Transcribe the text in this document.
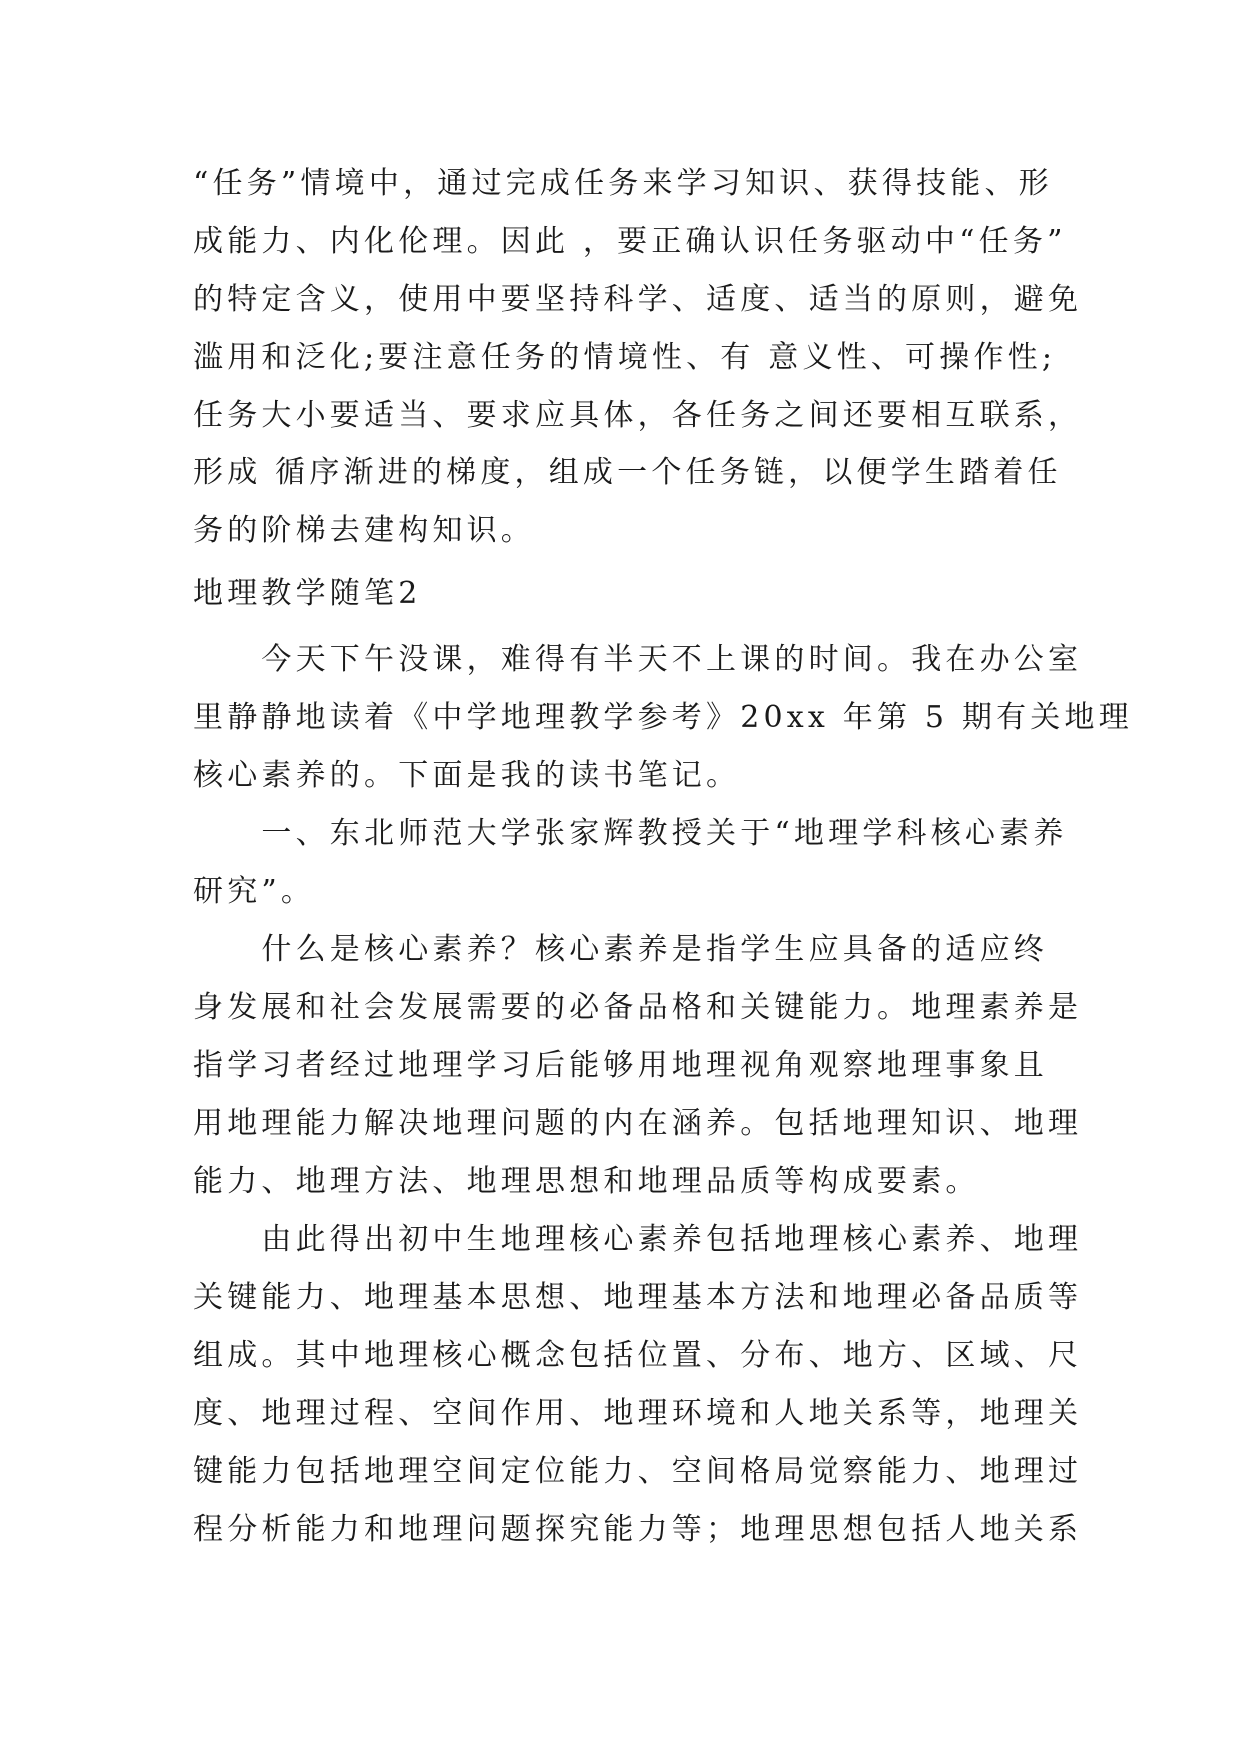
“任务”情境中，通过完成任务来学习知识、获得技能、形
成能力、内化伦理。因此 ，要正确认识任务驱动中“任务”
的特定含义，使用中要坚持科学、适度、适当的原则，避免
滥用和泛化;要注意任务的情境性、有 意义性、可操作性;
任务大小要适当、要求应具体，各任务之间还要相互联系，
形成 循序渐进的梯度，组成一个任务链，以便学生踏着任
务的阶梯去建构知识。
地理教学随笔2
　　今天下午没课，难得有半天不上课的时间。我在办公室
里静静地读着《中学地理教学参考》20xx 年第 5 期有关地理
核心素养的。下面是我的读书笔记。
　　一、东北师范大学张家辉教授关于“地理学科核心素养
研究”。
　　什么是核心素养？核心素养是指学生应具备的适应终
身发展和社会发展需要的必备品格和关键能力。地理素养是
指学习者经过地理学习后能够用地理视角观察地理事象且
用地理能力解决地理问题的内在涵养。包括地理知识、地理
能力、地理方法、地理思想和地理品质等构成要素。
　　由此得出初中生地理核心素养包括地理核心素养、地理
关键能力、地理基本思想、地理基本方法和地理必备品质等
组成。其中地理核心概念包括位置、分布、地方、区域、尺
度、地理过程、空间作用、地理环境和人地关系等，地理关
键能力包括地理空间定位能力、空间格局觉察能力、地理过
程分析能力和地理问题探究能力等；地理思想包括人地关系
